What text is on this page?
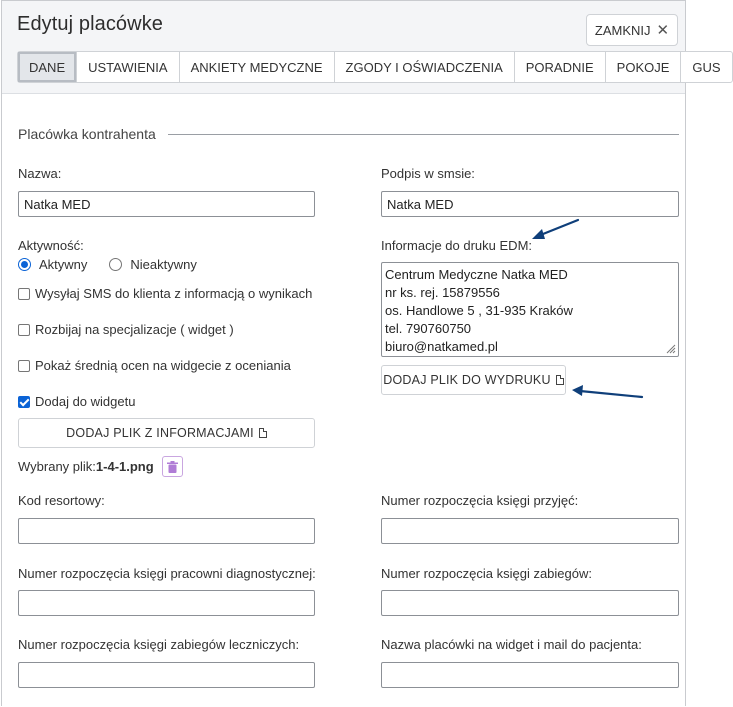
Edytuj placówke	ZAMKNIJ ✕
DANE	USTAWIENIA	ANKIETY MEDYCZNE	ZGODY I OŚWIADCZENIA	PORADNIE	POKOJE	GUS
Placówka kontrahenta
Nazwa:
Natka MED
Podpis w smsie:
Natka MED
Aktywność:
Aktywny	Nieaktywny
Informacje do druku EDM:
Centrum Medyczne Natka MED
nr ks. rej. 15879556
os. Handlowe 5 , 31-935 Kraków
tel. 790760750
biuro@natkamed.pl
DODAJ PLIK DO WYDRUKU
Wysyłaj SMS do klienta z informacją o wynikach
Rozbijaj na specjalizacje ( widget )
Pokaż średnią ocen na widgecie z oceniania
Dodaj do widgetu
DODAJ PLIK Z INFORMACJAMI
Wybrany plik: 1-4-1.png
Kod resortowy:	Numer rozpoczęcia księgi przyjęć:
Numer rozpoczęcia księgi pracowni diagnostycznej:	Numer rozpoczęcia księgi zabiegów:
Numer rozpoczęcia księgi zabiegów leczniczych:	Nazwa placówki na widget i mail do pacjenta:
